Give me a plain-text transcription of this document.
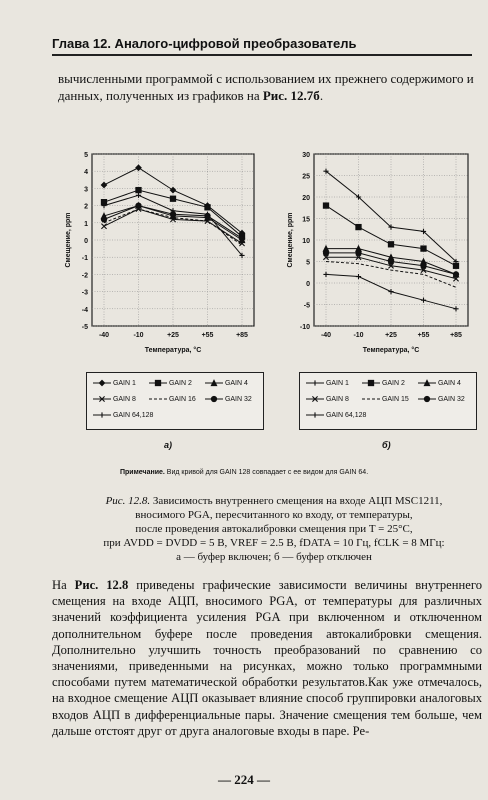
Глава 12. Аналого-цифровой преобразователь
вычисленными программой с использованием их прежнего содержимого и
данных, полученных из графиков на Рис. 12.7б.
-5
-4
-3
-2
-1
0
1
2
3
4
5
-40	-10	+25	+55	+85
Температура, °C
Смещение, ppm
-10
-5
0
5
10
15
20
25
30
-40	-10	+25	+55	+85
Температура, °C
Смещение, ppm
GAIN 1	GAIN 2	GAIN 4
GAIN 8	GAIN 16	GAIN 32
GAIN 64,128
GAIN 1	GAIN 2	GAIN 4
GAIN 8	GAIN 15	GAIN 32
GAIN 64,128
а)	б)
Примечание. Вид кривой для GAIN 128 совпадает с ее видом для GAIN 64.
Рис. 12.8. Зависимость внутреннего смещения на входе АЦП MSC1211,
вносимого PGA, пересчитанного ко входу, от температуры,
после проведения автокалибровки смещения при T = 25°C,
при AVDD = DVDD = 5 В, VREF = 2.5 В, fDATA = 10 Гц, fCLK = 8 МГц:
а — буфер включен; б — буфер отключен
На Рис. 12.8 приведены графические зависимости величины внутреннего смещения на входе АЦП, вносимого PGA, от температуры для различных значений коэффициента усиления PGA при включенном и отключенном дополнительном буфере после проведения автокалибровки смещения. Дополнительно улучшить точность преобразований по сравнению со значениями, приведенными на рисунках, можно только программными способами путем математической обработки результатов.Как уже отмечалось, на входное смещение АЦП оказывает влияние способ группировки аналоговых входов АЦП в дифференциальные пары. Значение смещения тем больше, чем дальше отстоят друг от друга аналоговые входы в паре. Ре-
— 224 —
